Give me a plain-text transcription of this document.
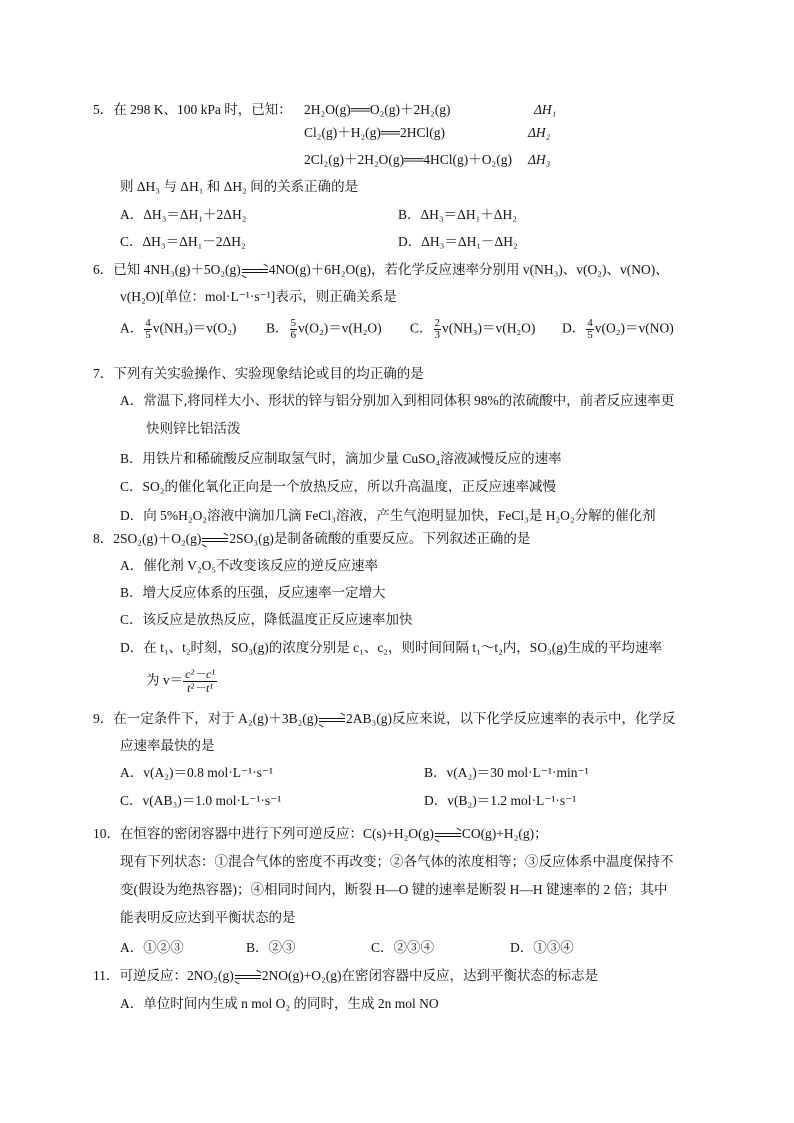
5．在 298 K、100 kPa 时，已知： 2H₂O(g)══O₂(g)＋2H₂(g)	ΔH₁
Cl₂(g)＋H₂(g)══2HCl(g)	ΔH₂
2Cl₂(g)＋2H₂O(g)══4HCl(g)＋O₂(g) ΔH₃
则 ΔH₃ 与 ΔH₁ 和 ΔH₂ 间的关系正确的是
A．ΔH₃＝ΔH₁＋2ΔH₂	B．ΔH₃＝ΔH₁＋ΔH₂
C．ΔH₃＝ΔH₁－2ΔH₂	D．ΔH₃＝ΔH₁－ΔH₂
6．已知 4NH₃(g)＋5O₂(g) 4NO(g)＋6H₂O(g)，若化学反应速率分别用 v(NH₃)、v(O₂)、v(NO)、
v(H₂O)[单位：mol·L⁻¹·s⁻¹]表示，则正确关系是
A． $\frac{4}{5} v(NH_3)=v(O_2)$ B． $\frac{5}{6} v(O_2)=v(H_2O)$ C． $\frac{2}{3} v(NH_3)=v(H_2O)$ D． $\frac{4}{5} v(O_2)=v(NO)$
7．下列有关实验操作、实验现象结论或目的均正确的是
A．常温下,将同样大小、形状的锌与铝分别加入到相同体积 98%的浓硫酸中，前者反应速率更
快则锌比铝活泼
B．用铁片和稀硫酸反应制取氢气时，滴加少量 CuSO₄溶液减慢反应的速率
C．SO₂的催化氧化正向是一个放热反应，所以升高温度，正反应速率减慢
D．向 5%H₂O₂溶液中滴加几滴 FeCl₃溶液，产生气泡明显加快，FeCl₃是 H₂O₂分解的催化剂
8．2SO₂(g)＋O₂(g) 2SO₃(g)是制备硫酸的重要反应。下列叙述正确的是
A．催化剂 V₂O₅不改变该反应的逆反应速率
B．增大反应体系的压强，反应速率一定增大
C．该反应是放热反应，降低温度正反应速率加快
D．在 t₁、t₂时刻，SO₃(g)的浓度分别是 c₁、c₂，则时间间隔 t₁～t₂内，SO₃(g)生成的平均速率
为 $v= \frac{\text{c²－c¹}}{\text{t²－t¹}}$
9．在一定条件下，对于 A₂(g)＋3B₂(g) 2AB₃(g)反应来说，以下化学反应速率的表示中，化学反
应速率最快的是
A．v(A₂)＝0.8 mol·L⁻¹·s⁻¹	B．v(A₂)＝30 mol·L⁻¹·min⁻¹
C．v(AB₃)＝1.0 mol·L⁻¹·s⁻¹	D．v(B₂)＝1.2 mol·L⁻¹·s⁻¹
10．在恒容的密闭容器中进行下列可逆反应：C(s)+H₂O(g) CO(g)+H₂(g)；
现有下列状态：①混合气体的密度不再改变；②各气体的浓度相等；③反应体系中温度保持不
变(假设为绝热容器)；④相同时间内，断裂 H—O 键的速率是断裂 H—H 键速率的 2 倍；其中
能表明反应达到平衡状态的是
A．①②③	B．②③	C．②③④	D．①③④
11．可逆反应：2NO₂(g) 2NO(g)+O₂(g)在密闭容器中反应，达到平衡状态的标志是
A．单位时间内生成 n mol O₂ 的同时，生成 2n mol NO
